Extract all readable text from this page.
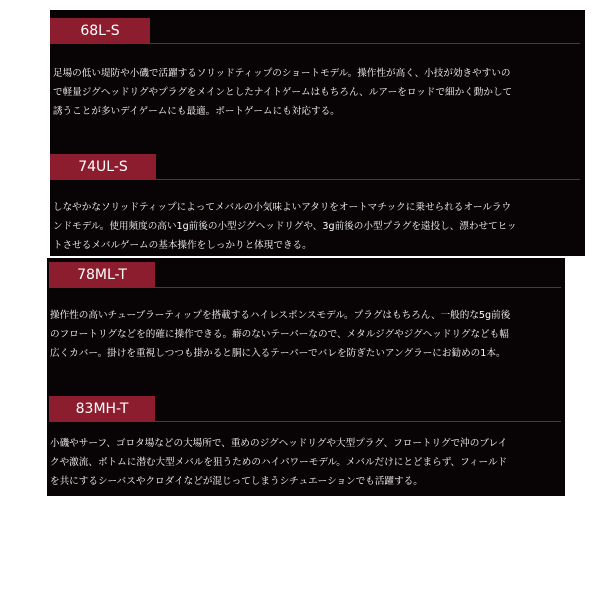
68L-S
足場の低い堤防や小磯で活躍するソリッドティップのショートモデル。操作性が高く、小技が効きやすいの
で軽量ジグヘッドリグやプラグをメインとしたナイトゲームはもちろん、ルアーをロッドで細かく動かして
誘うことが多いデイゲームにも最適。ボートゲームにも対応する。
74UL-S
しなやかなソリッドティップによってメバルの小気味よいアタリをオートマチックに乗せられるオールラウ
ンドモデル。使用頻度の高い1g前後の小型ジグヘッドリグや、3g前後の小型プラグを遠投し、漂わせてヒッ
トさせるメバルゲームの基本操作をしっかりと体現できる。
78ML-T
操作性の高いチューブラーティップを搭載するハイレスポンスモデル。プラグはもちろん、一般的な5g前後
のフロートリグなどを的確に操作できる。癖のないテーパーなので、メタルジグやジグヘッドリグなども幅
広くカバー。掛けを重視しつつも掛かると胴に入るテーパーでバレを防ぎたいアングラーにお勧めの1本。
83MH-T
小磯やサーフ、ゴロタ場などの大場所で、重めのジグヘッドリグや大型プラグ、フロートリグで沖のブレイ
クや激流、ボトムに潜む大型メバルを狙うためのハイパワーモデル。メバルだけにとどまらず、フィールド
を共にするシーバスやクロダイなどが混じってしまうシチュエーションでも活躍する。
